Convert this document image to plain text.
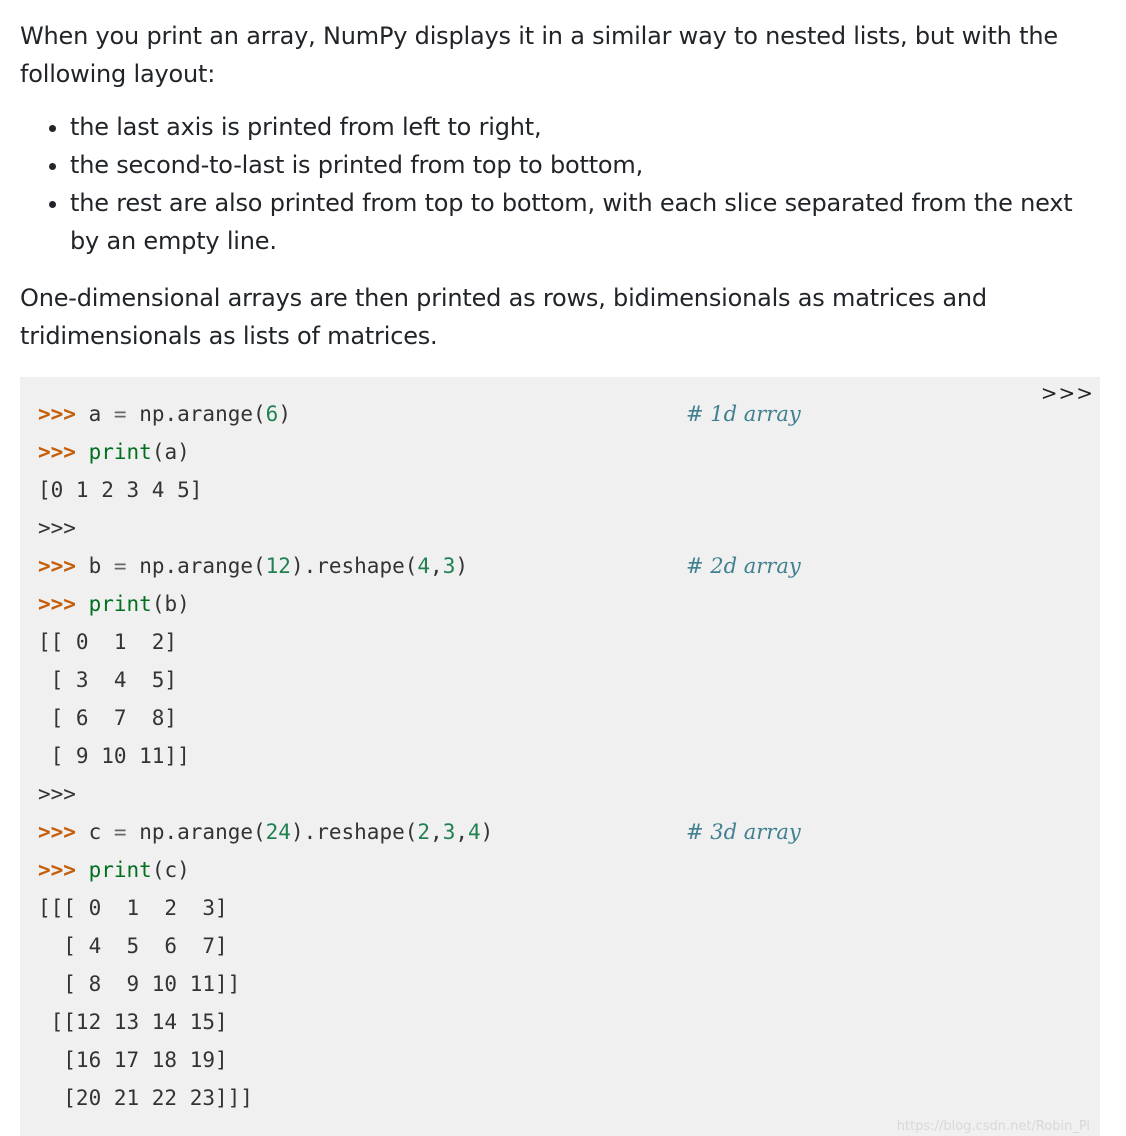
When you print an array, NumPy displays it in a similar way to nested lists, but with the following layout:

• the last axis is printed from left to right,
• the second-to-last is printed from top to bottom,
• the rest are also printed from top to bottom, with each slice separated from the next by an empty line.

One-dimensional arrays are then printed as rows, bidimensionals as matrices and tridimensionals as lists of matrices.

>>>
>>> a = np.arange(6)	# 1d array
>>> print(a)
[0 1 2 3 4 5]
>>>
>>> b = np.arange(12).reshape(4,3)	# 2d array
>>> print(b)
[[ 0  1  2]
[ 3  4  5]
[ 6  7  8]
[ 9 10 11]]
>>>
>>> c = np.arange(24).reshape(2,3,4)	# 3d array
>>> print(c)
[[[ 0  1  2  3]
[ 4  5  6  7]
[ 8  9 10 11]]
[[12 13 14 15]
[16 17 18 19]
[20 21 22 23]]]
https://blog.csdn.net/Robin_Pi
